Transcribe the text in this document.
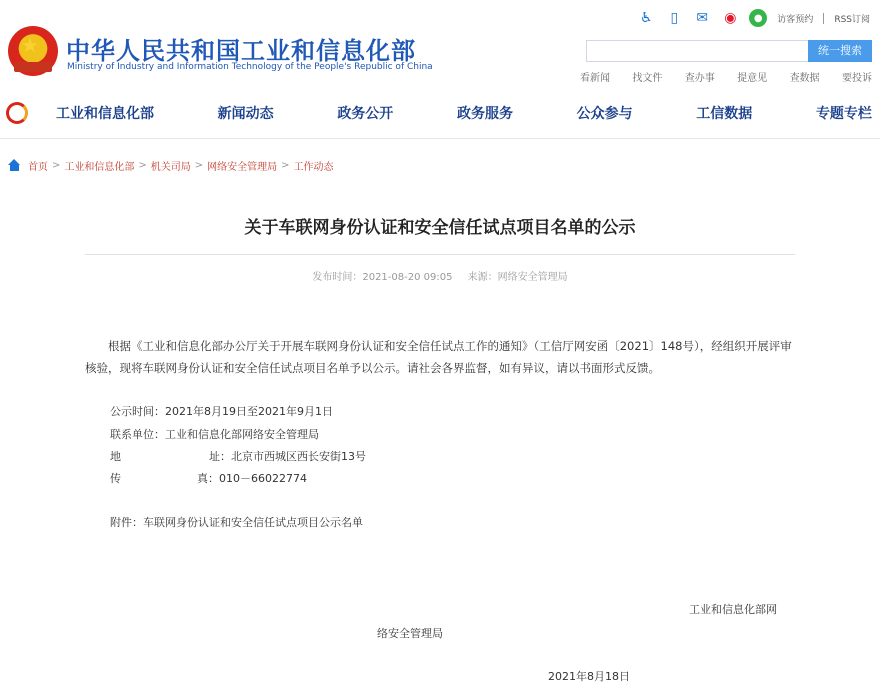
★ 中华人民共和国工业和信息化部
Ministry of Industry and Information Technology of the People's Republic of China
♿	▯	✉ ◉	●	访客预约 RSS订阅
统一搜索
看新闻 找文件 查办事 提意见 查数据 要投诉
工业和信息化部	新闻动态	政务公开	政务服务	公众参与	工信数据	专题专栏
首页 > 工业和信息化部 > 机关司局 > 网络安全管理局 > 工作动态
关于车联网身份认证和安全信任试点项目名单的公示
发布时间：2021-08-20 09:05 来源：网络安全管理局
根据《工业和信息化部办公厅关于开展车联网身份认证和安全信任试点工作的通知》（工信厅网安函〔2021〕148号），经组织开展评审核验，现将车联网身份认证和安全信任试点项目名单予以公示。请社会各界监督，如有异议，请以书面形式反馈。
公示时间：2021年8月19日至2021年9月1日
联系单位：工业和信息化部网络安全管理局
地	址：北京市西城区西长安街13号
传	真：010－66022774
附件：车联网身份认证和安全信任试点项目公示名单
工业和信息化部网
络安全管理局
2021年8月18日
